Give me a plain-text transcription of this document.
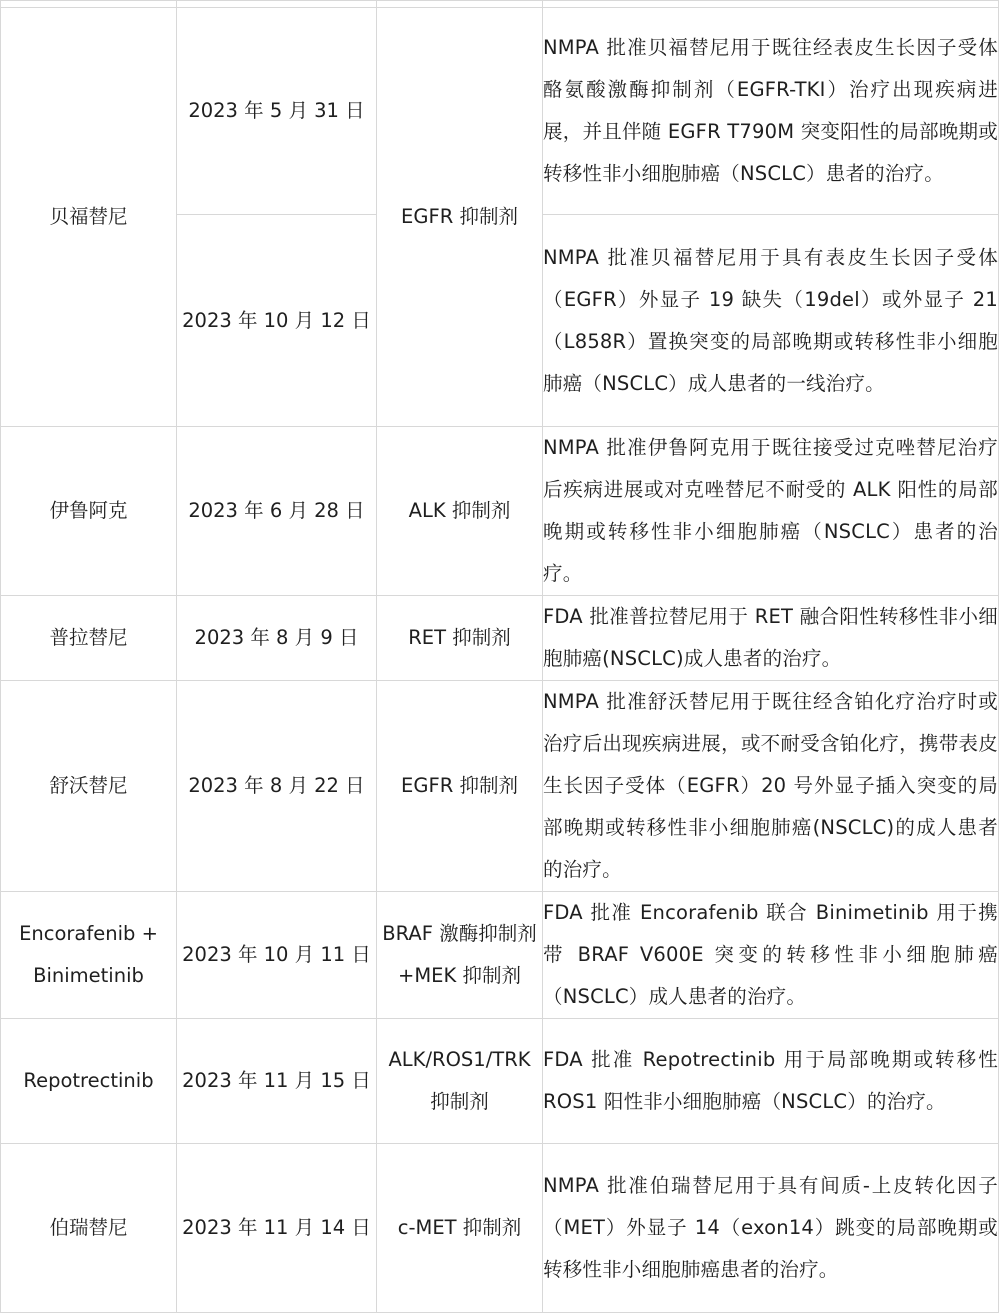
贝福替尼	2023 年 5 月 31 日	EGFR 抑制剂	NMPA 批准贝福替尼用于既往经表皮生长因子受体酪氨酸激酶抑制剂（EGFR-TKI）治疗出现疾病进展，并且伴随 EGFR T790M 突变阳性的局部晚期或转移性非小细胞肺癌（NSCLC）患者的治疗。
	2023 年 10 月 12 日		NMPA 批准贝福替尼用于具有表皮生长因子受体（EGFR）外显子 19 缺失（19del）或外显子 21（L858R）置换突变的局部晚期或转移性非小细胞肺癌（NSCLC）成人患者的一线治疗。
伊鲁阿克	2023 年 6 月 28 日	ALK 抑制剂	NMPA 批准伊鲁阿克用于既往接受过克唑替尼治疗后疾病进展或对克唑替尼不耐受的 ALK 阳性的局部晚期或转移性非小细胞肺癌（NSCLC）患者的治疗。
普拉替尼	2023 年 8 月 9 日	RET 抑制剂	FDA 批准普拉替尼用于 RET 融合阳性转移性非小细胞肺癌(NSCLC)成人患者的治疗。
舒沃替尼	2023 年 8 月 22 日	EGFR 抑制剂	NMPA 批准舒沃替尼用于既往经含铂化疗治疗时或治疗后出现疾病进展，或不耐受含铂化疗，携带表皮生长因子受体（EGFR）20 号外显子插入突变的局部晚期或转移性非小细胞肺癌(NSCLC)的成人患者的治疗。
Encorafenib + Binimetinib	2023 年 10 月 11 日	BRAF 激酶抑制剂+MEK 抑制剂	FDA 批准 Encorafenib 联合 Binimetinib 用于携带 BRAF V600E 突变的转移性非小细胞肺癌（NSCLC）成人患者的治疗。
Repotrectinib	2023 年 11 月 15 日	ALK/ROS1/TRK 抑制剂	FDA 批准 Repotrectinib 用于局部晚期或转移性 ROS1 阳性非小细胞肺癌（NSCLC）的治疗。
伯瑞替尼	2023 年 11 月 14 日	c-MET 抑制剂	NMPA 批准伯瑞替尼用于具有间质-上皮转化因子（MET）外显子 14（exon14）跳变的局部晚期或转移性非小细胞肺癌患者的治疗。
